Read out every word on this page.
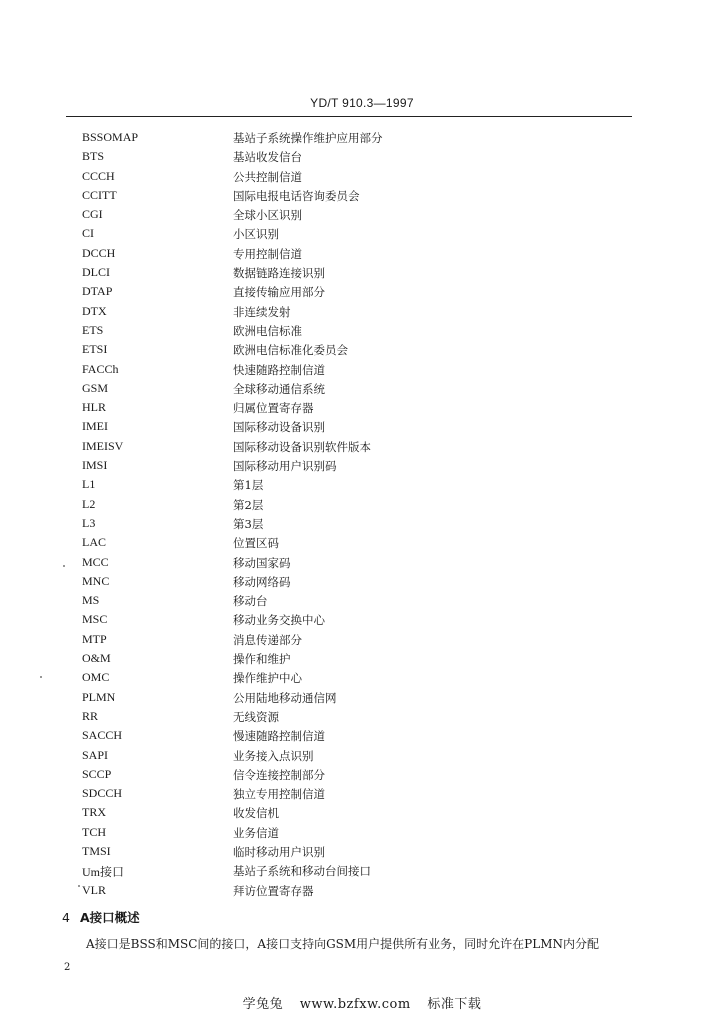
YD/T 910.3—1997
BSSOMAP	基站子系统操作维护应用部分
BTS	基站收发信台
CCCH	公共控制信道
CCITT	国际电报电话咨询委员会
CGI	全球小区识别
CI	小区识别
DCCH	专用控制信道
DLCI	数据链路连接识别
DTAP	直接传输应用部分
DTX	非连续发射
ETS	欧洲电信标准
ETSI	欧洲电信标准化委员会
FACCh	快速随路控制信道
GSM	全球移动通信系统
HLR	归属位置寄存器
IMEI	国际移动设备识别
IMEISV	国际移动设备识别软件版本
IMSI	国际移动用户识别码
L1	第1层
L2	第2层
L3	第3层
LAC	位置区码
MCC	移动国家码
MNC	移动网络码
MS	移动台
MSC	移动业务交换中心
MTP	消息传递部分
O&M	操作和维护
OMC	操作维护中心
PLMN	公用陆地移动通信网
RR	无线资源
SACCH	慢速随路控制信道
SAPI	业务接入点识别
SCCP	信令连接控制部分
SDCCH	独立专用控制信道
TRX	收发信机
TCH	业务信道
TMSI	临时移动用户识别
Um接口	基站子系统和移动台间接口
VLR	拜访位置寄存器
4 A接口概述
A接口是BSS和MSC间的接口，A接口支持向GSM用户提供所有业务，同时允许在PLMN内分配
2
学兔兔 www.bzfxw.com 标准下载
